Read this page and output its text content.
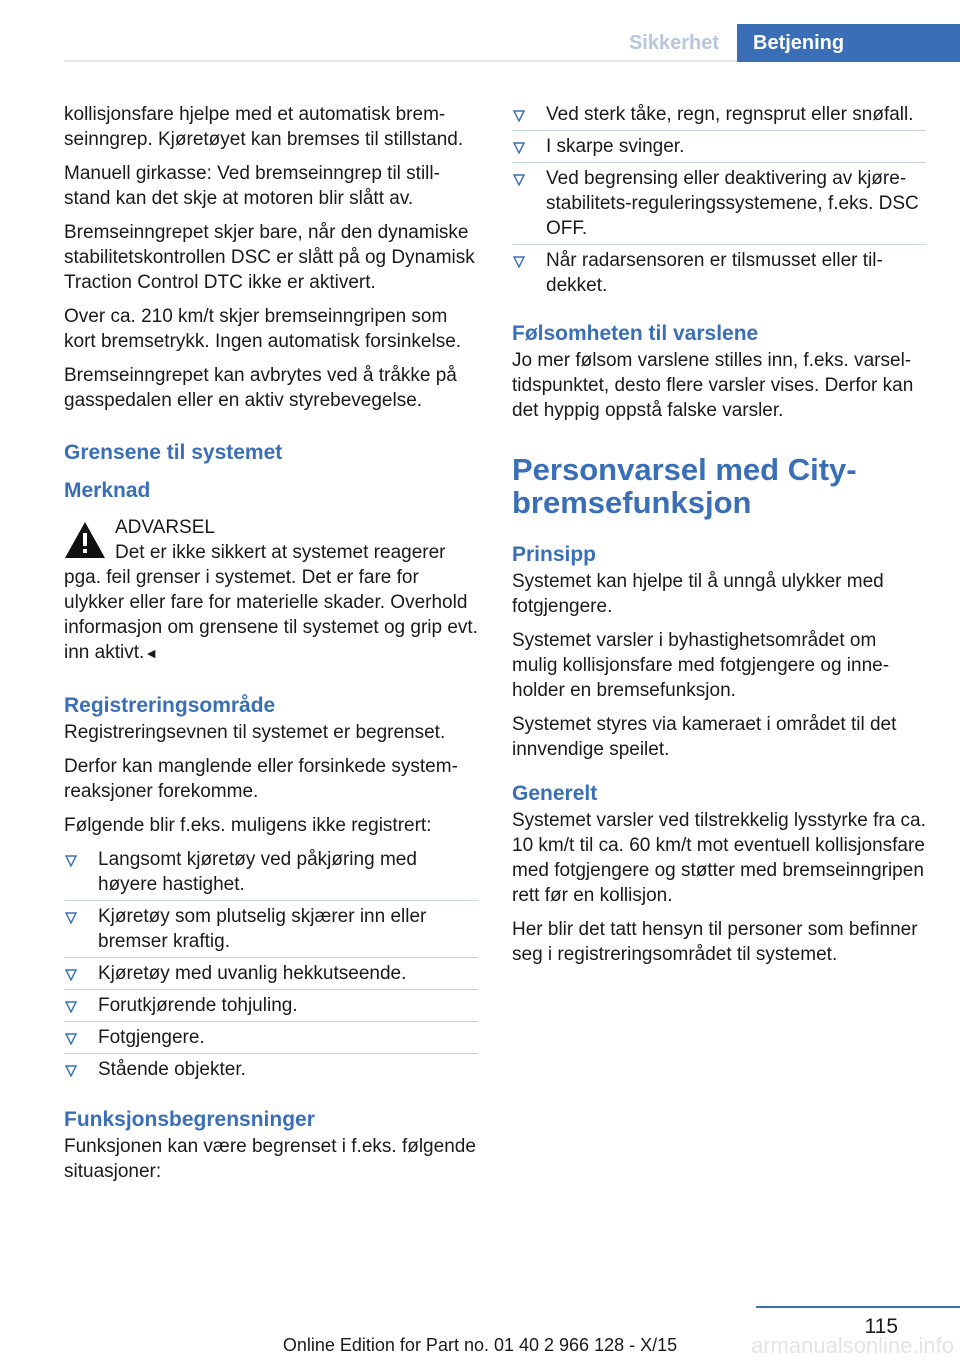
Sikkerhet	Betjening

kollisjonsfare hjelpe med et automatisk bremseinngrep. Kjøretøyet kan bremses til stillstand.

Manuell girkasse: Ved bremseinngrep til stillstand kan det skje at motoren blir slått av.

Bremseinngrepet skjer bare, når den dynamiske stabilitetskontrollen DSC er slått på og Dynamisk Traction Control DTC ikke er aktivert.

Over ca. 210 km/t skjer bremseinngripen som kort bremsetrykk. Ingen automatisk forsinkelse.

Bremseinngrepet kan avbrytes ved å tråkke på gasspedalen eller en aktiv styrebevegelse.

Grensene til systemet
Merknad
ADVARSEL

Det er ikke sikkert at systemet reagerer pga. feil grenser i systemet. Det er fare for ulykker eller fare for materielle skader. Overhold informasjon om grensene til systemet og grip evt. inn aktivt.◄
Registreringsområde

Registreringsevnen til systemet er begrenset.

Derfor kan manglende eller forsinkede systemreaksjoner forekomme.

Følgende blir f.eks. muligens ikke registrert:

Langsomt kjøretøy ved påkjøring med høyere hastighet.
Kjøretøy som plutselig skjærer inn eller bremser kraftig.
Kjøretøy med uvanlig hekkutseende.
Forutkjørende tohjuling.
Fotgjengere.
Stående objekter.
Funksjonsbegrensninger

Funksjonen kan være begrenset i f.eks. følgende situasjoner:

Ved sterk tåke, regn, regnsprut eller snøfall.
I skarpe svinger.
Ved begrensing eller deaktivering av kjørestabilitets-reguleringssystemene, f.eks. DSC OFF.
Når radarsensoren er tilsmusset eller tildekket.
Følsomheten til varslene

Jo mer følsom varslene stilles inn, f.eks. varseltidspunktet, desto flere varsler vises. Derfor kan det hyppig oppstå falske varsler.

Personvarsel med City-bremsefunksjon
Prinsipp

Systemet kan hjelpe til å unngå ulykker med fotgjengere.

Systemet varsler i byhastighetsområdet om mulig kollisjonsfare med fotgjengere og inneholder en bremsefunksjon.

Systemet styres via kameraet i området til det innvendige speilet.

Generelt

Systemet varsler ved tilstrekkelig lysstyrke fra ca. 10 km/t til ca. 60 km/t mot eventuell kollisjonsfare med fotgjengere og støtter med bremseinngripen rett før en kollisjon.

Her blir det tatt hensyn til personer som befinner seg i registreringsområdet til systemet.

115
Online Edition for Part no. 01 40 2 966 128 - X/15	armanualsonline.info
